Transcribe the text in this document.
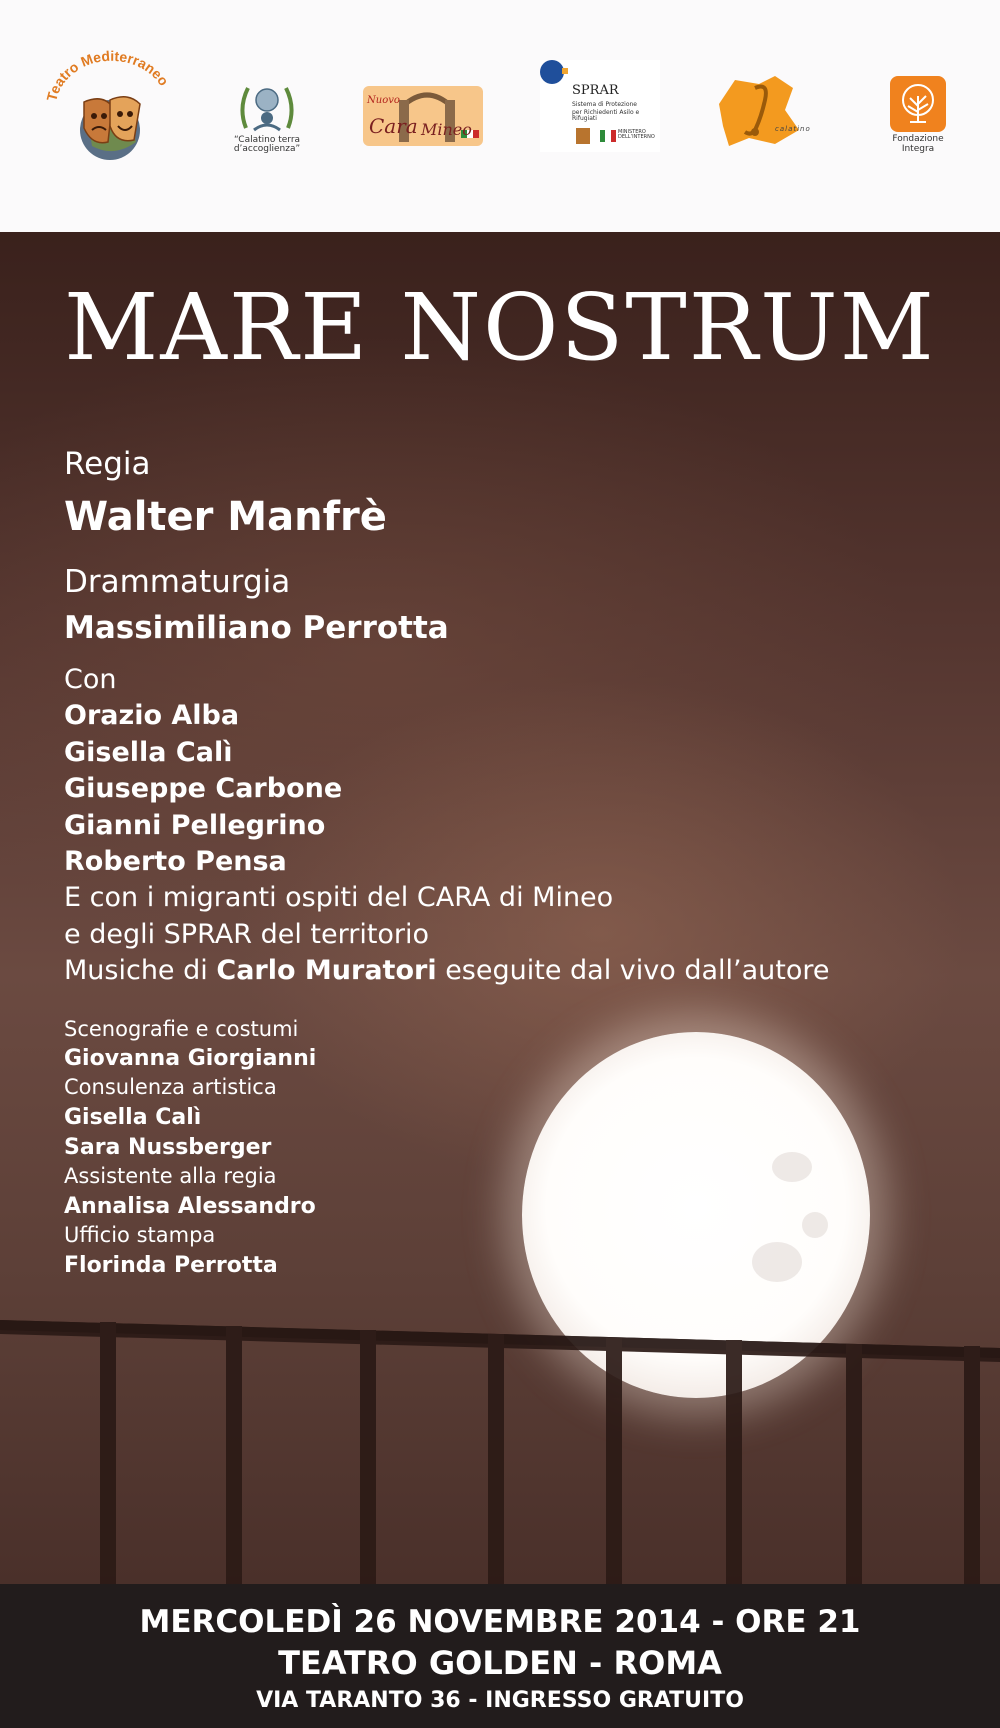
Teatro Mediterraneo
“Calatino terra d’accoglienza”
Nuovo
Cara Mineo
SPRAR
Sistema di Protezione
per Richiedenti Asilo e Rifugiati
MINISTERO DELL’INTERNO
calatino
Fondazione
Integra
MARE NOSTRUM
Regia
Walter Manfrè
Drammaturgia
Massimiliano Perrotta
Con
Orazio Alba
Gisella Calì
Giuseppe Carbone
Gianni Pellegrino
Roberto Pensa
E con i migranti ospiti del CARA di Mineo
e degli SPRAR del territorio
Musiche di Carlo Muratori eseguite dal vivo dall’autore
Scenografie e costumi
Giovanna Giorgianni
Consulenza artistica
Gisella Calì
Sara Nussberger
Assistente alla regia
Annalisa Alessandro
Ufficio stampa
Florinda Perrotta
MERCOLEDÌ 26 NOVEMBRE 2014 - ORE 21
TEATRO GOLDEN - ROMA
VIA TARANTO 36 - INGRESSO GRATUITO
